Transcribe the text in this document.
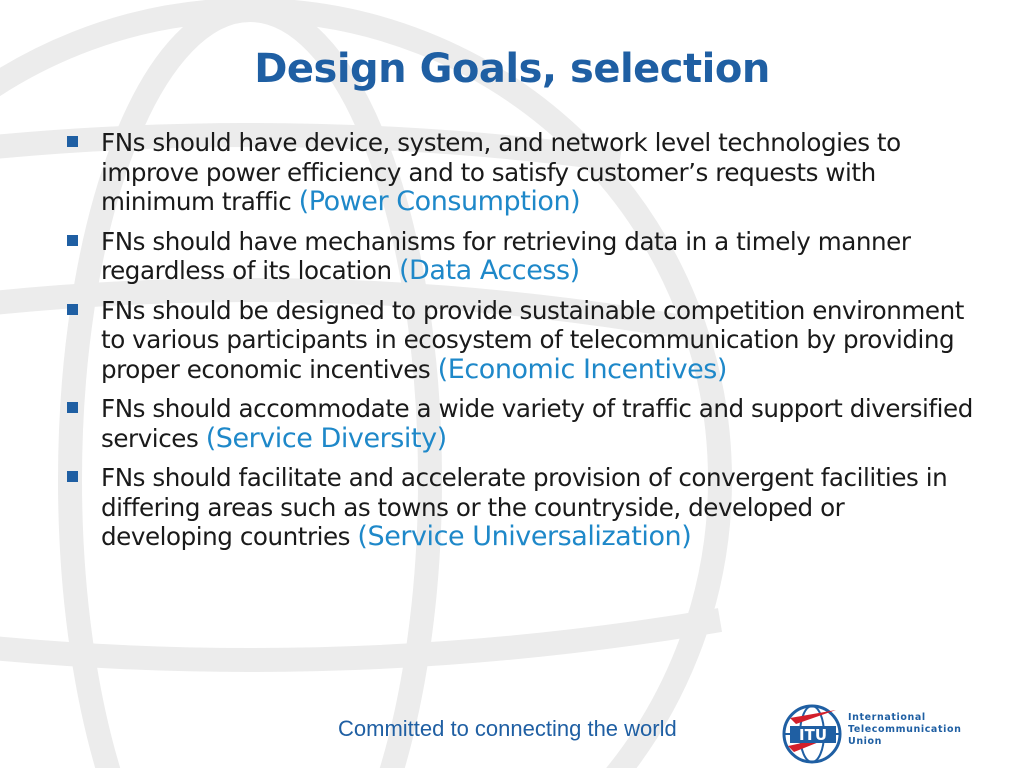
Design Goals, selection
FNs should have device, system, and network level technologies to improve power efficiency and to satisfy customer’s requests with minimum traffic (Power Consumption)
FNs should have mechanisms for retrieving data in a timely manner regardless of its location (Data Access)
FNs should be designed to provide sustainable competition environment to various participants in ecosystem of telecommunication by providing proper economic incentives (Economic Incentives)
FNs should accommodate a wide variety of traffic and support diversified services (Service Diversity)
FNs should facilitate and accelerate provision of convergent facilities in differing areas such as towns or the countryside, developed or developing countries (Service Universalization)
Committed to connecting the world	ITU
International
Telecommunication
Union
